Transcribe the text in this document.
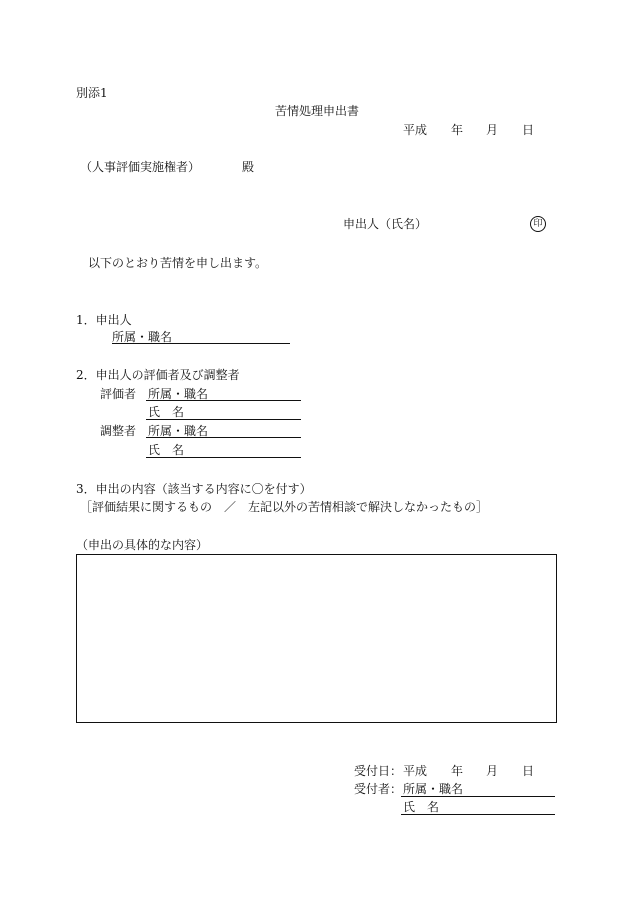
別添1
苦情処理申出書
平成 年 月 日
（人事評価実施権者）	殿
申出人（氏名）	印
以下のとおり苦情を申し出ます。
1．申出人
所属・職名
2．申出人の評価者及び調整者
評価者 所属・職名
氏　名
調整者 所属・職名
氏　名
3．申出の内容（該当する内容に〇を付す）
［評価結果に関するもの　／　左記以外の苦情相談で解決しなかったもの］
（申出の具体的な内容）
受付日： 平成 年 月 日
受付者： 所属・職名
氏　名
